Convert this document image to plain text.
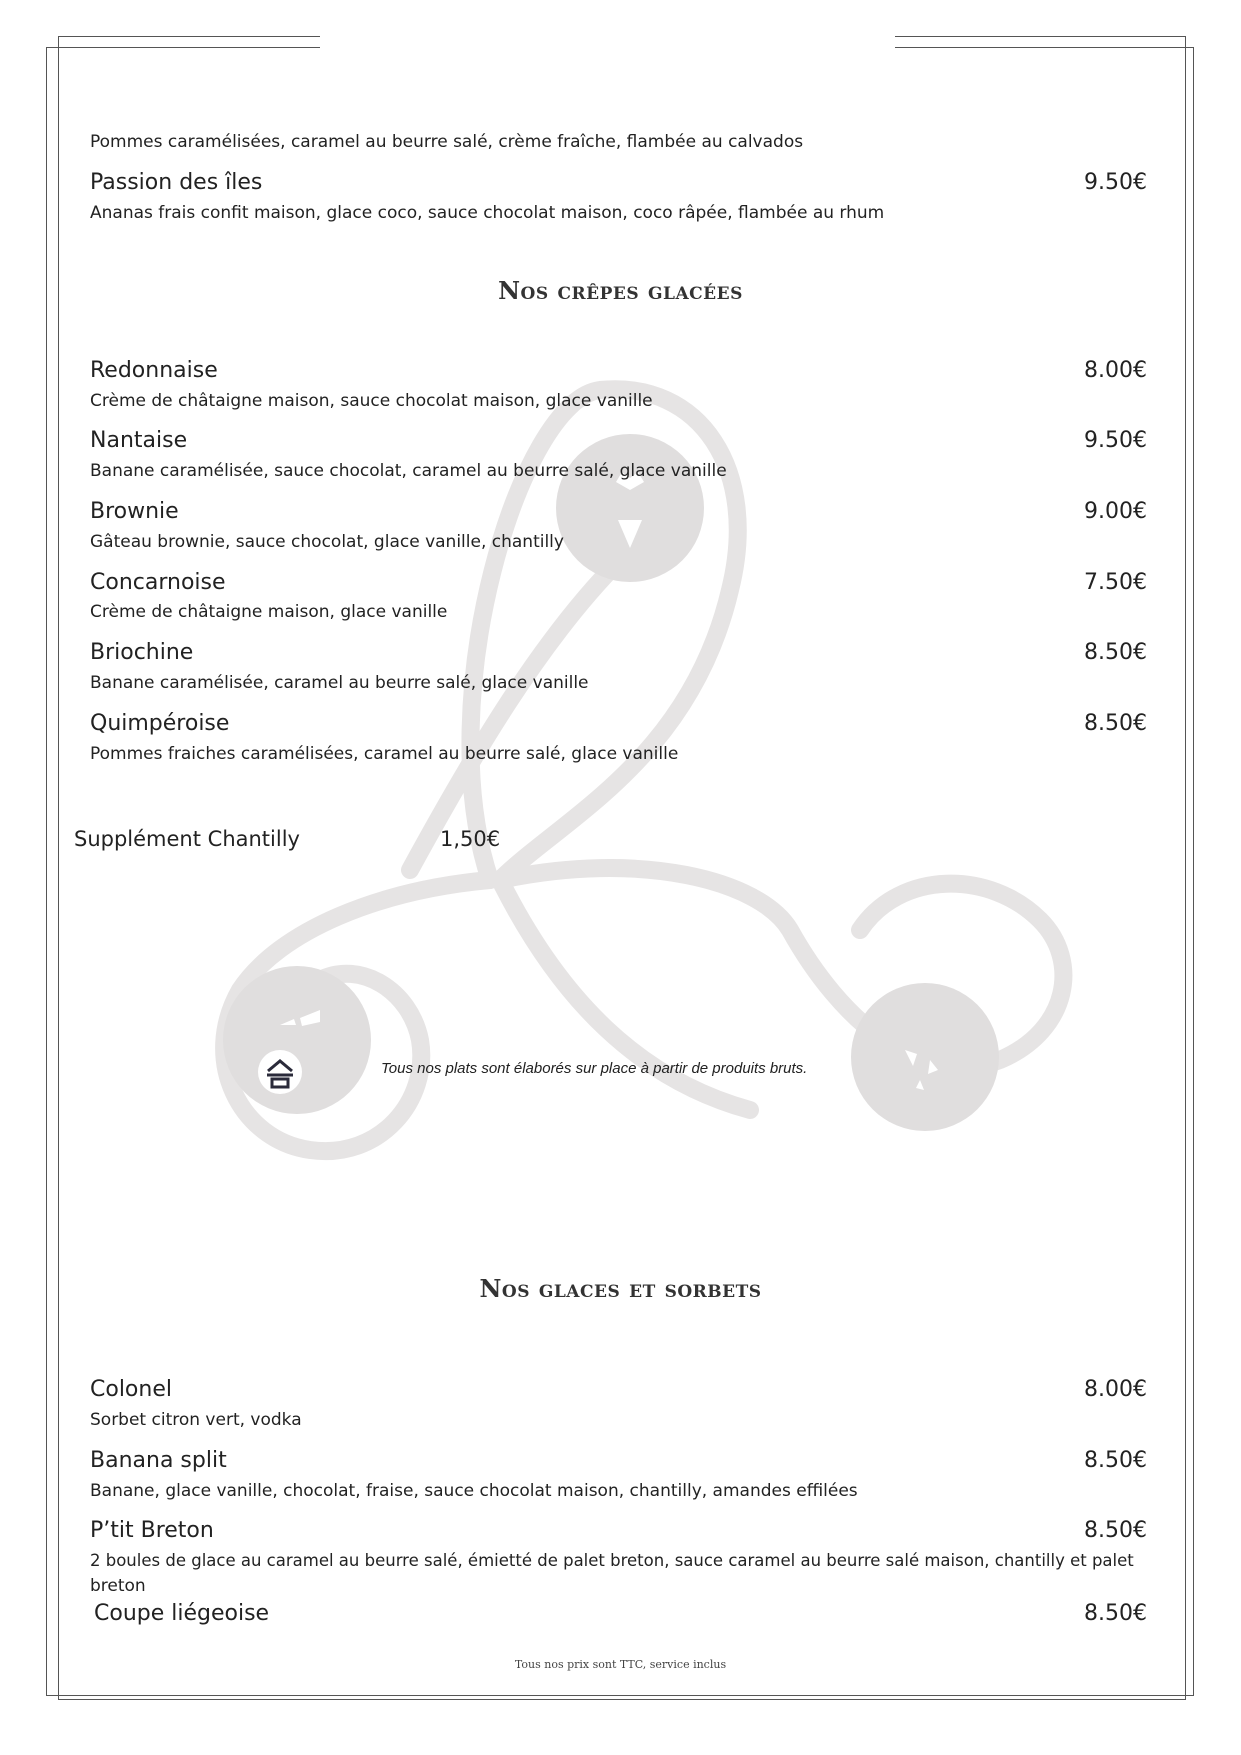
Pommes caramélisées, caramel au beurre salé, crème fraîche, flambée au calvados
Passion des îles	9.50€
Ananas frais confit maison, glace coco, sauce chocolat maison, coco râpée, flambée au rhum
Nos crêpes glacées
Redonnaise	8.00€
Crème de châtaigne maison, sauce chocolat maison, glace vanille
Nantaise	9.50€
Banane caramélisée, sauce chocolat, caramel au beurre salé, glace vanille
Brownie	9.00€
Gâteau brownie, sauce chocolat, glace vanille, chantilly
Concarnoise	7.50€
Crème de châtaigne maison, glace vanille
Briochine	8.50€
Banane caramélisée, caramel au beurre salé, glace vanille
Quimpéroise	8.50€
Pommes fraiches caramélisées, caramel au beurre salé, glace vanille
Supplément Chantilly	1,50€
Tous nos plats sont élaborés sur place à partir de produits bruts.
Nos glaces et sorbets
Colonel	8.00€
Sorbet citron vert, vodka
Banana split	8.50€
Banane, glace vanille, chocolat, fraise, sauce chocolat maison, chantilly, amandes effilées
P’tit Breton	8.50€
2 boules de glace au caramel au beurre salé, émietté de palet breton, sauce caramel au beurre salé maison, chantilly et palet
breton
Coupe liégeoise	8.50€
Tous nos prix sont TTC, service inclus
